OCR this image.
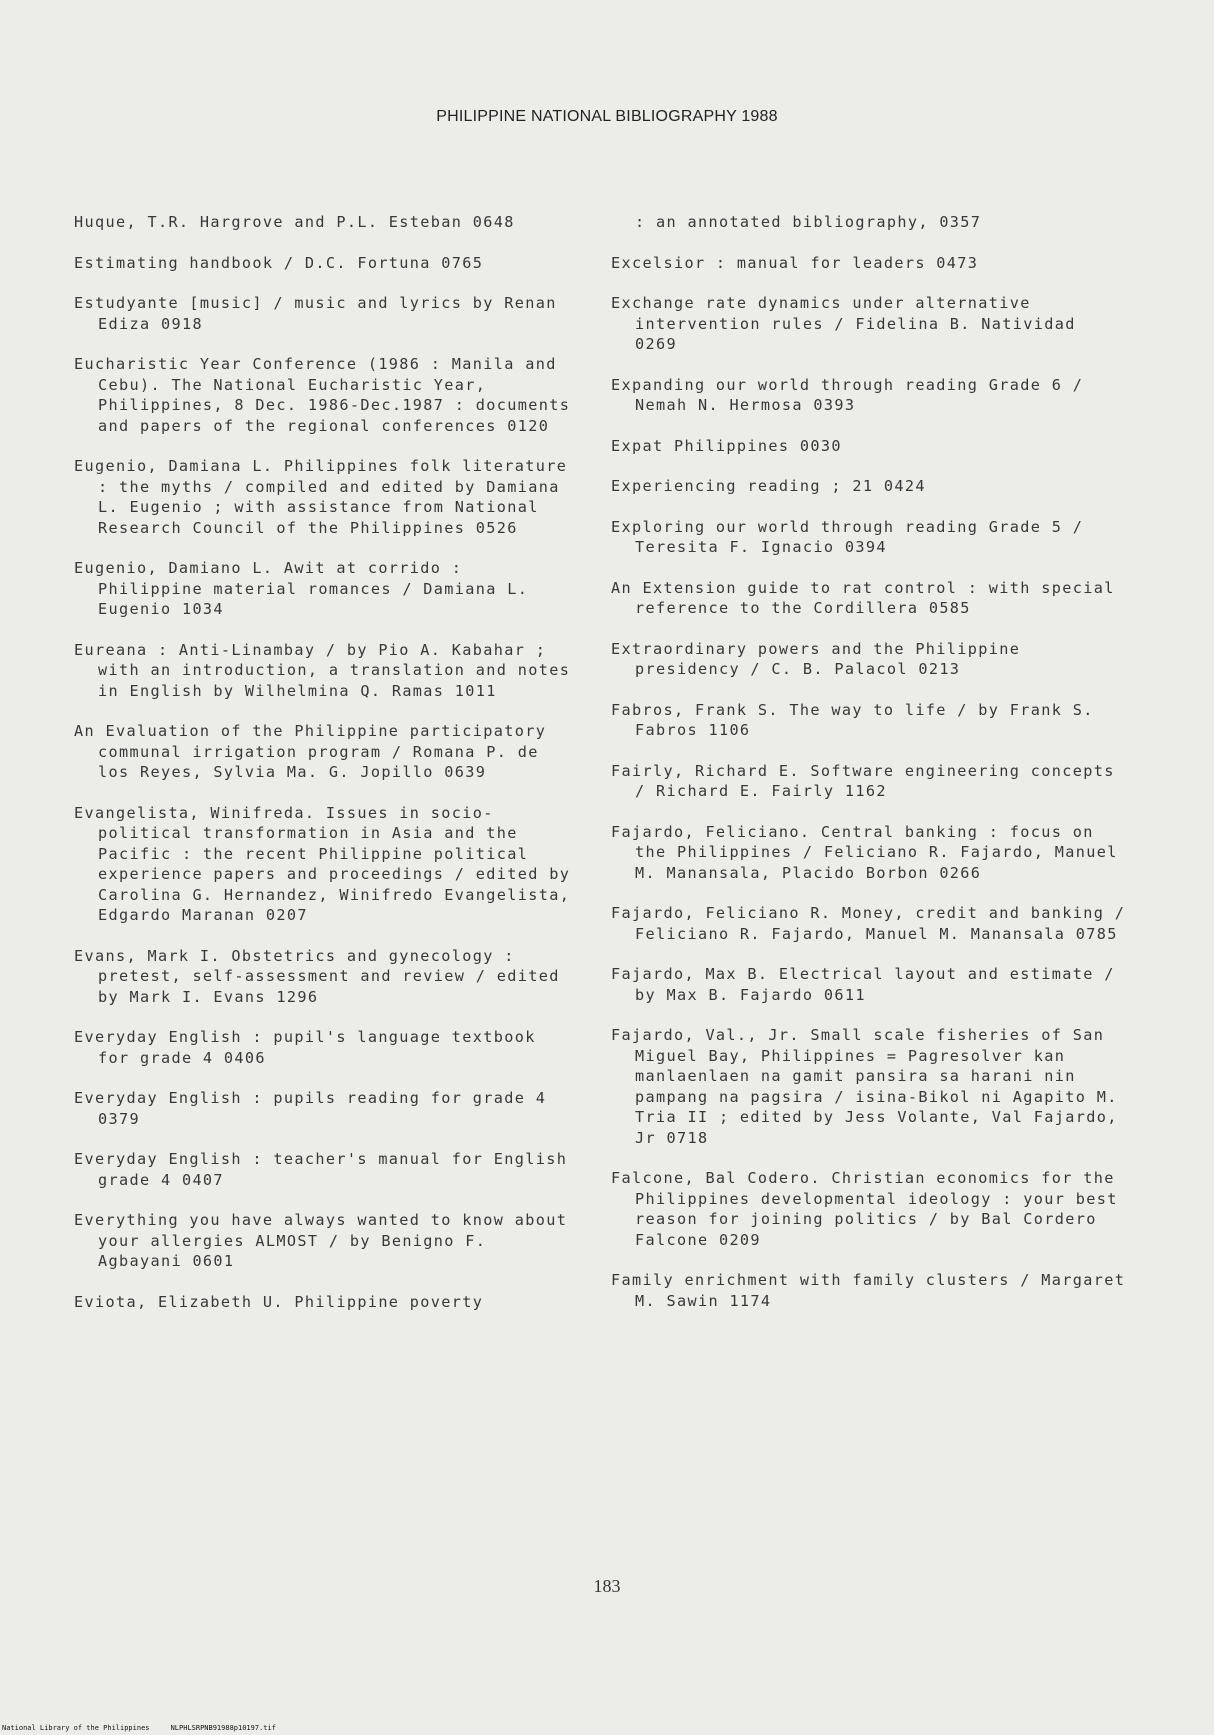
PHILIPPINE NATIONAL BIBLIOGRAPHY 1988

Huque, T.R. Hargrove and P.L. Esteban 0648

Estimating handbook / D.C. Fortuna 0765

Estudyante [music] / music and lyrics by Renan Ediza 0918

Eucharistic Year Conference (1986 : Manila and Cebu). The National Eucharistic Year, Philippines, 8 Dec. 1986-Dec.1987 : documents and papers of the regional conferences 0120

Eugenio, Damiana L. Philippines folk literature : the myths / compiled and edited by Damiana L. Eugenio ; with assistance from National Research Council of the Philippines 0526

Eugenio, Damiano L. Awit at corrido : Philippine material romances / Damiana L. Eugenio 1034

Eureana : Anti-Linambay / by Pio A. Kabahar ; with an introduction, a translation and notes in English by Wilhelmina Q. Ramas 1011

An Evaluation of the Philippine participatory communal irrigation program / Romana P. de los Reyes, Sylvia Ma. G. Jopillo 0639

Evangelista, Winifreda. Issues in socio-political transformation in Asia and the Pacific : the recent Philippine political experience papers and proceedings / edited by Carolina G. Hernandez, Winifredo Evangelista, Edgardo Maranan 0207

Evans, Mark I. Obstetrics and gynecology : pretest, self-assessment and review / edited by Mark I. Evans 1296

Everyday English : pupil's language textbook for grade 4 0406

Everyday English : pupils reading for grade 4 0379

Everyday English : teacher's manual for English grade 4 0407

Everything you have always wanted to know about your allergies ALMOST / by Benigno F. Agbayani 0601

Eviota, Elizabeth U. Philippine poverty

: an annotated bibliography, 0357

Excelsior : manual for leaders 0473

Exchange rate dynamics under alternative intervention rules / Fidelina B. Natividad 0269

Expanding our world through reading Grade 6 / Nemah N. Hermosa 0393

Expat Philippines 0030

Experiencing reading ; 21 0424

Exploring our world through reading Grade 5 / Teresita F. Ignacio 0394

An Extension guide to rat control : with special reference to the Cordillera 0585

Extraordinary powers and the Philippine presidency / C. B. Palacol 0213

Fabros, Frank S. The way to life / by Frank S. Fabros 1106

Fairly, Richard E. Software engineering concepts / Richard E. Fairly 1162

Fajardo, Feliciano. Central banking : focus on the Philippines / Feliciano R. Fajardo, Manuel M. Manansala, Placido Borbon 0266

Fajardo, Feliciano R. Money, credit and banking / Feliciano R. Fajardo, Manuel M. Manansala 0785

Fajardo, Max B. Electrical layout and estimate / by Max B. Fajardo 0611

Fajardo, Val., Jr. Small scale fisheries of San Miguel Bay, Philippines = Pagresolver kan manlaenlaen na gamit pansira sa harani nin pampang na pagsira / isina-Bikol ni Agapito M. Tria II ; edited by Jess Volante, Val Fajardo, Jr 0718

Falcone, Bal Codero. Christian economics for the Philippines developmental ideology : your best reason for joining politics / by Bal Cordero Falcone 0209

Family enrichment with family clusters / Margaret M. Sawin 1174

183
National Library of the Philippines     NLPHLSRPNB91988p10197.tif
